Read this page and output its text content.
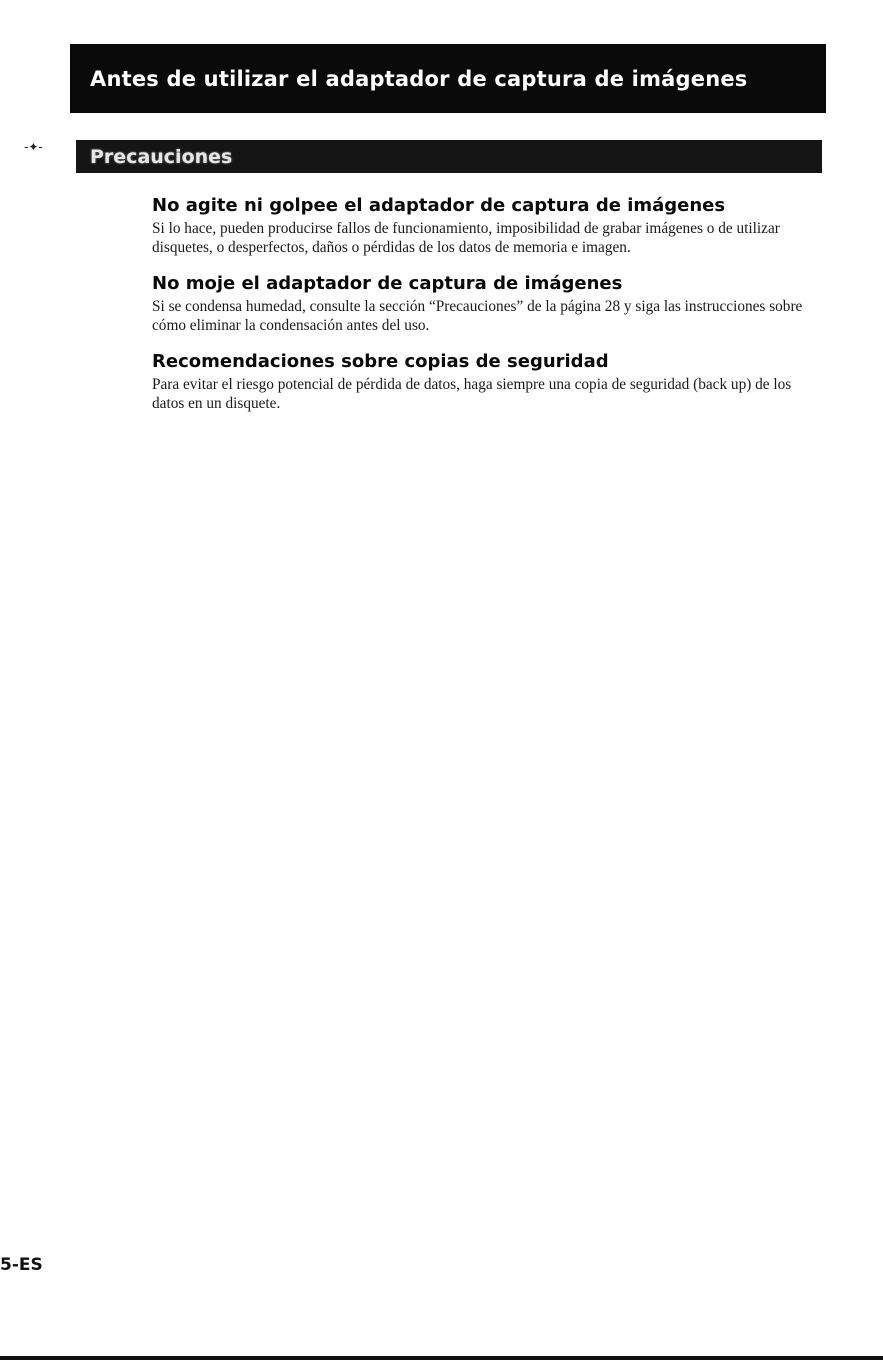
Antes de utilizar el adaptador de captura de imágenes
-✦- Precauciones
No agite ni golpee el adaptador de captura de imágenes

Si lo hace, pueden producirse fallos de funcionamiento, imposibilidad de grabar imágenes o de utilizar disquetes, o desperfectos, daños o pérdidas de los datos de memoria e imagen.

No moje el adaptador de captura de imágenes

Si se condensa humedad, consulte la sección “Precauciones” de la página 28 y siga las instrucciones sobre cómo eliminar la condensación antes del uso.

Recomendaciones sobre copias de seguridad

Para evitar el riesgo potencial de pérdida de datos, haga siempre una copia de seguridad (back up) de los datos en un disquete.

5-ES
